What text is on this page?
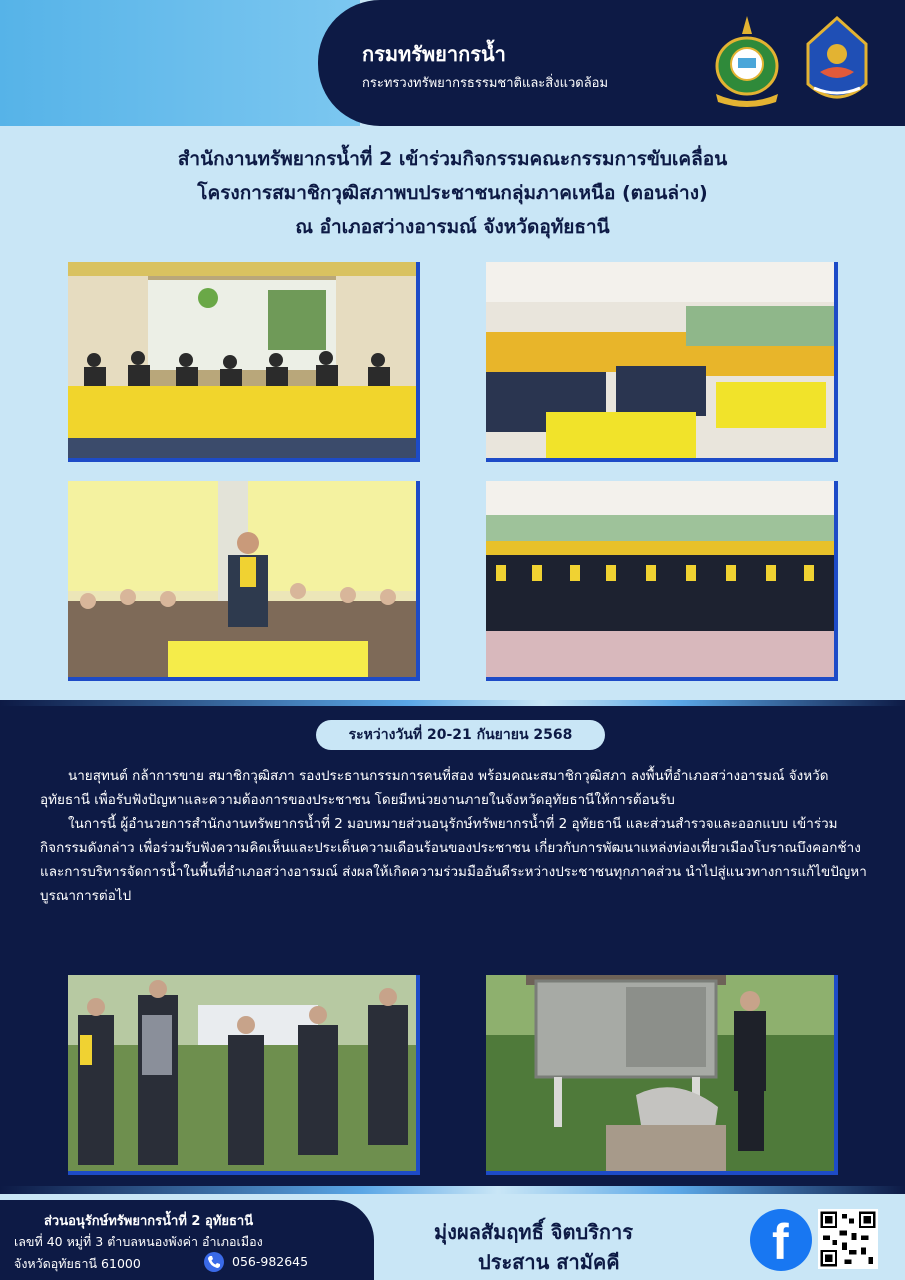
กรมทรัพยากรน้ำ
กระทรวงทรัพยากรธรรมชาติและสิ่งแวดล้อม
สำนักงานทรัพยากรน้ำที่ 2 เข้าร่วมกิจกรรมคณะกรรมการขับเคลื่อน
โครงการสมาชิกวุฒิสภาพบประชาชนกลุ่มภาคเหนือ (ตอนล่าง)
ณ อำเภอสว่างอารมณ์ จังหวัดอุทัยธานี
ระหว่างวันที่ 20-21 กันยายน 2568

นายสุทนต์ กล้าการขาย สมาชิกวุฒิสภา รองประธานกรรมการคนที่สอง พร้อมคณะสมาชิกวุฒิสภา ลงพื้นที่อำเภอสว่างอารมณ์ จังหวัดอุทัยธานี เพื่อรับฟังปัญหาและความต้องการของประชาชน โดยมีหน่วยงานภายในจังหวัดอุทัยธานีให้การต้อนรับ

ในการนี้ ผู้อำนวยการสำนักงานทรัพยากรน้ำที่ 2 มอบหมายส่วนอนุรักษ์ทรัพยากรน้ำที่ 2 อุทัยธานี และส่วนสำรวจและออกแบบ เข้าร่วมกิจกรรมดังกล่าว เพื่อร่วมรับฟังความคิดเห็นและประเด็นความเดือนร้อนของประชาชน เกี่ยวกับการพัฒนาแหล่งท่องเที่ยวเมืองโบราณบึงคอกช้าง และการบริหารจัดการน้ำในพื้นที่อำเภอสว่างอารมณ์ ส่งผลให้เกิดความร่วมมืออันดีระหว่างประชาชนทุกภาคส่วน นำไปสู่แนวทางการแก้ไขปัญหาบูรณาการต่อไป

ส่วนอนุรักษ์ทรัพยากรน้ำที่ 2 อุทัยธานี
เลขที่ 40 หมู่ที่ 3 ตำบลหนองพังค่า อำเภอเมือง
จังหวัดอุทัยธานี 61000	056-982645
มุ่งผลสัมฤทธิ์ จิตบริการ
ประสาน สามัคคี	f
